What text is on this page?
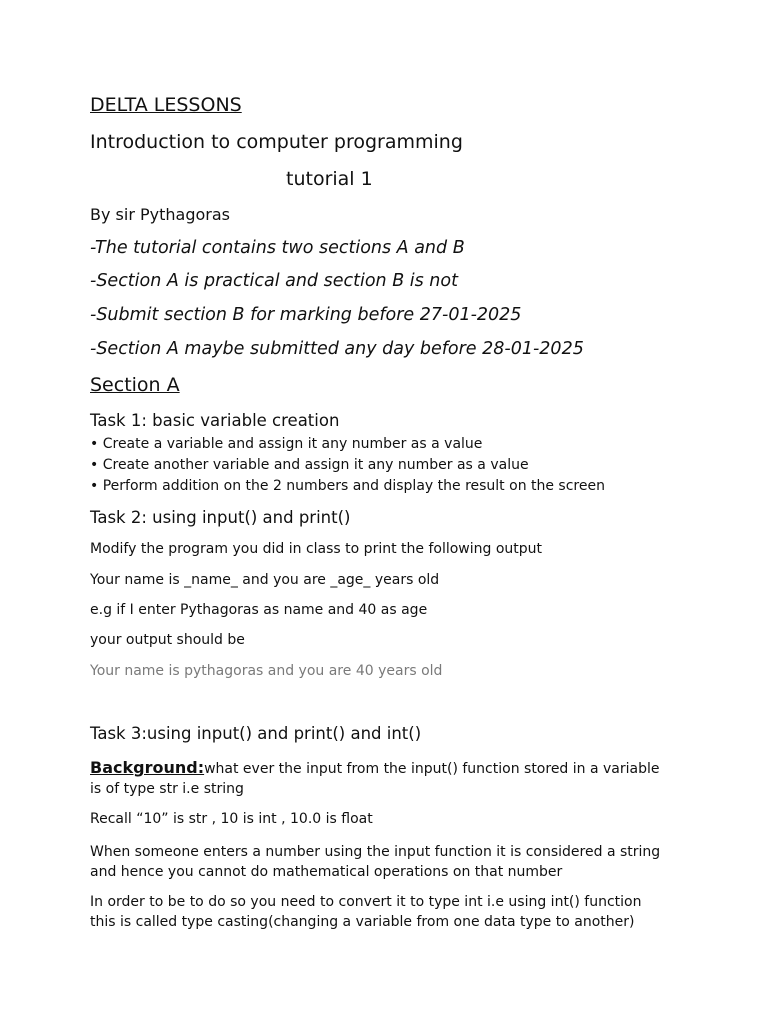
DELTA LESSONS
Introduction to computer programming
tutorial 1
By sir Pythagoras
-The tutorial contains two sections A and B
-Section A is practical and section B is not
-Submit section B for marking before 27-01-2025
-Section A maybe submitted any day before 28-01-2025
Section A
Task 1: basic variable creation
• Create a variable and assign it any number as a value
• Create another variable and assign it any number as a value
• Perform addition on the 2 numbers and display the result on the screen
Task 2: using input() and print()
Modify the program you did in class to print the following output
Your name is _name_ and you are _age_ years old
e.g if I enter Pythagoras as name and 40 as age
your output should be
Your name is pythagoras and you are 40 years old
Task 3:using input() and print() and int()
Background:what ever the input from the input() function stored in a variable is of type str i.e string
Recall “10” is str , 10 is int , 10.0 is float
When someone enters a number using the input function it is considered a string and hence you cannot do mathematical operations on that number
In order to be to do so you need to convert it to type int i.e using int() function this is called type casting(changing a variable from one data type to another)
